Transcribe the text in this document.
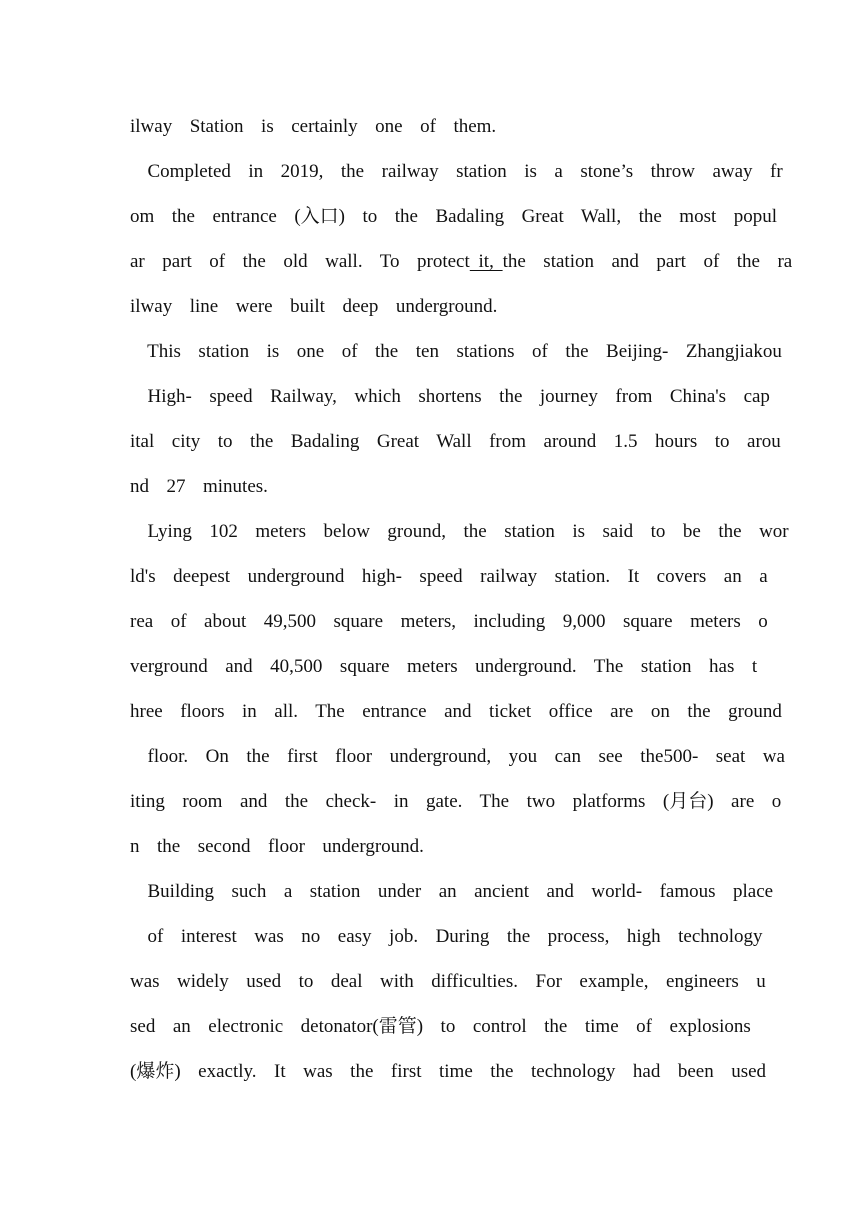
ilway  Station  is  certainly  one  of  them.
Completed  in  2019,  the  railway  station  is  a  stone’s  throw  away  fr
om  the  entrance  (入口)  to  the  Badaling  Great  Wall,  the  most  popul
ar  part  of  the  old  wall.  To  protect it, the  station  and  part  of  the  ra
ilway  line  were  built  deep  underground.
This  station  is  one  of  the  ten  stations  of  the  Beijing-  Zhangjiakou
High-  speed  Railway,  which  shortens  the  journey  from  China's  cap
ital  city  to  the  Badaling  Great  Wall  from  around  1.5  hours  to  arou
nd  27  minutes.
Lying  102  meters  below  ground,  the  station  is  said  to  be  the  wor
ld's  deepest  underground  high-  speed  railway  station.  It  covers  an  a
rea  of  about  49,500  square  meters,  including  9,000  square  meters  o
verground  and  40,500  square  meters  underground.  The  station  has  t
hree  floors  in  all.  The  entrance  and  ticket  office  are  on  the  ground
floor.  On  the  first  floor  underground,  you  can  see  the500-  seat  wa
iting  room  and  the  check-  in  gate.  The  two  platforms  (月台)  are  o
n  the  second  floor  underground.
Building  such  a  station  under  an  ancient  and  world-  famous  place
of  interest  was  no  easy  job.  During  the  process,  high  technology
was  widely  used  to  deal  with  difficulties.  For  example,  engineers  u
sed  an  electronic  detonator(雷管)  to  control  the  time  of  explosions
(爆炸)  exactly.  It  was  the  first  time  the  technology  had  been  used
